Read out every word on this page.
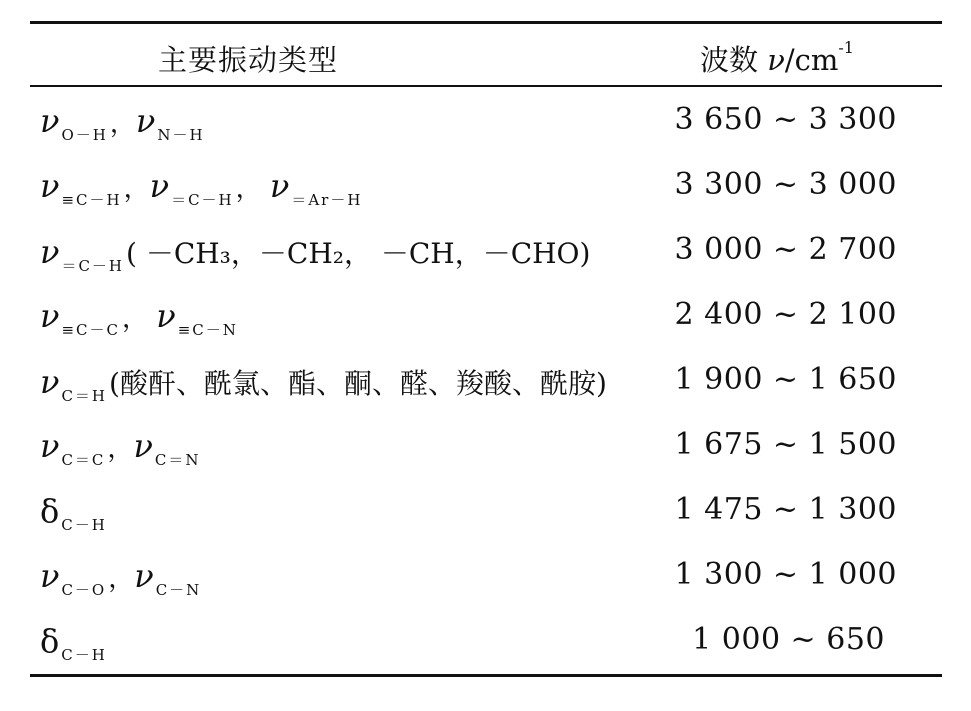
主要振动类型	波数 $\nu/cm^{-1}$
ν $_{O-H}$，ν $_{N-H}$	3 650 ~ 3 300
ν $_{\equiv C-H}$，ν $_{=C-H}$， ν $_{=Ar-H}$	3 300 ~ 3 000
ν $_{=C-H}$( －CH₃，－CH₂， －CH，－CHO)	3 000 ~ 2 700
ν $_{\equiv C-C}$， ν $_{\equiv C-N}$	2 400 ~ 2 100
ν $_{C=H}$(酸酐、酰氯、酯、酮、醛、羧酸、酰胺) 1 900 ~ 1 650
ν $_{C=C}$，ν $_{C=N}$	1 675 ~ 1 500
δ $_{C-H}$	1 475 ~ 1 300
ν $_{C-O}$，ν $_{C-N}$	1 300 ~ 1 000
δ $_{C-H}$	1 000 ~ 650
